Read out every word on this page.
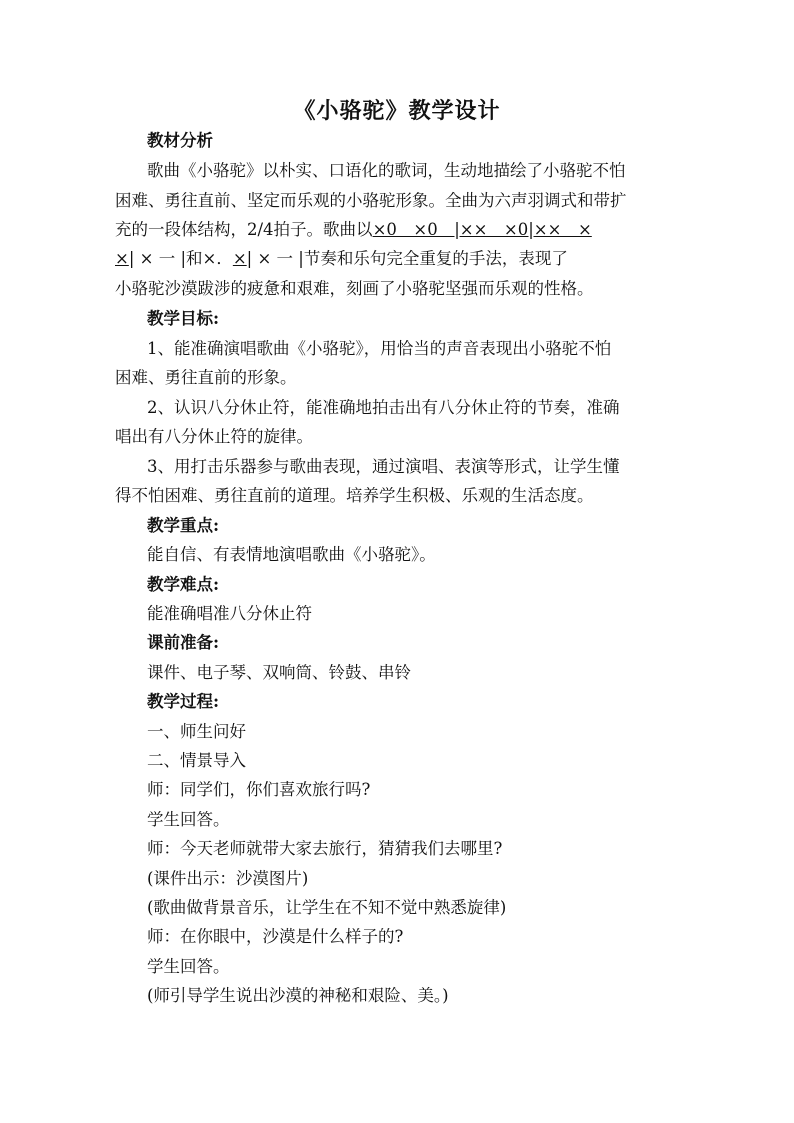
《小骆驼》教学设计
教材分析
歌曲《小骆驼》以朴实、口语化的歌词，生动地描绘了小骆驼不怕
困难、勇往直前、坚定而乐观的小骆驼形象。全曲为六声羽调式和带扩
充的一段体结构，2/4拍子。歌曲以×0　×0　|××　×0|××　×
×| × 一 |和×．×| × 一 |节奏和乐句完全重复的手法，表现了
小骆驼沙漠跋涉的疲惫和艰难，刻画了小骆驼坚强而乐观的性格。
教学目标:
1、能准确演唱歌曲《小骆驼》，用恰当的声音表现出小骆驼不怕
困难、勇往直前的形象。
2、认识八分休止符，能准确地拍击出有八分休止符的节奏，准确
唱出有八分休止符的旋律。
3、用打击乐器参与歌曲表现，通过演唱、表演等形式，让学生懂
得不怕困难、勇往直前的道理。培养学生积极、乐观的生活态度。
教学重点:
能自信、有表情地演唱歌曲《小骆驼》。
教学难点:
能准确唱准八分休止符
课前准备:
课件、电子琴、双响筒、铃鼓、串铃
教学过程:
一、师生问好
二、情景导入
师：同学们，你们喜欢旅行吗?
学生回答。
师：今天老师就带大家去旅行，猜猜我们去哪里?
(课件出示：沙漠图片)
(歌曲做背景音乐，让学生在不知不觉中熟悉旋律)
师：在你眼中，沙漠是什么样子的?
学生回答。
(师引导学生说出沙漠的神秘和艰险、美。)
